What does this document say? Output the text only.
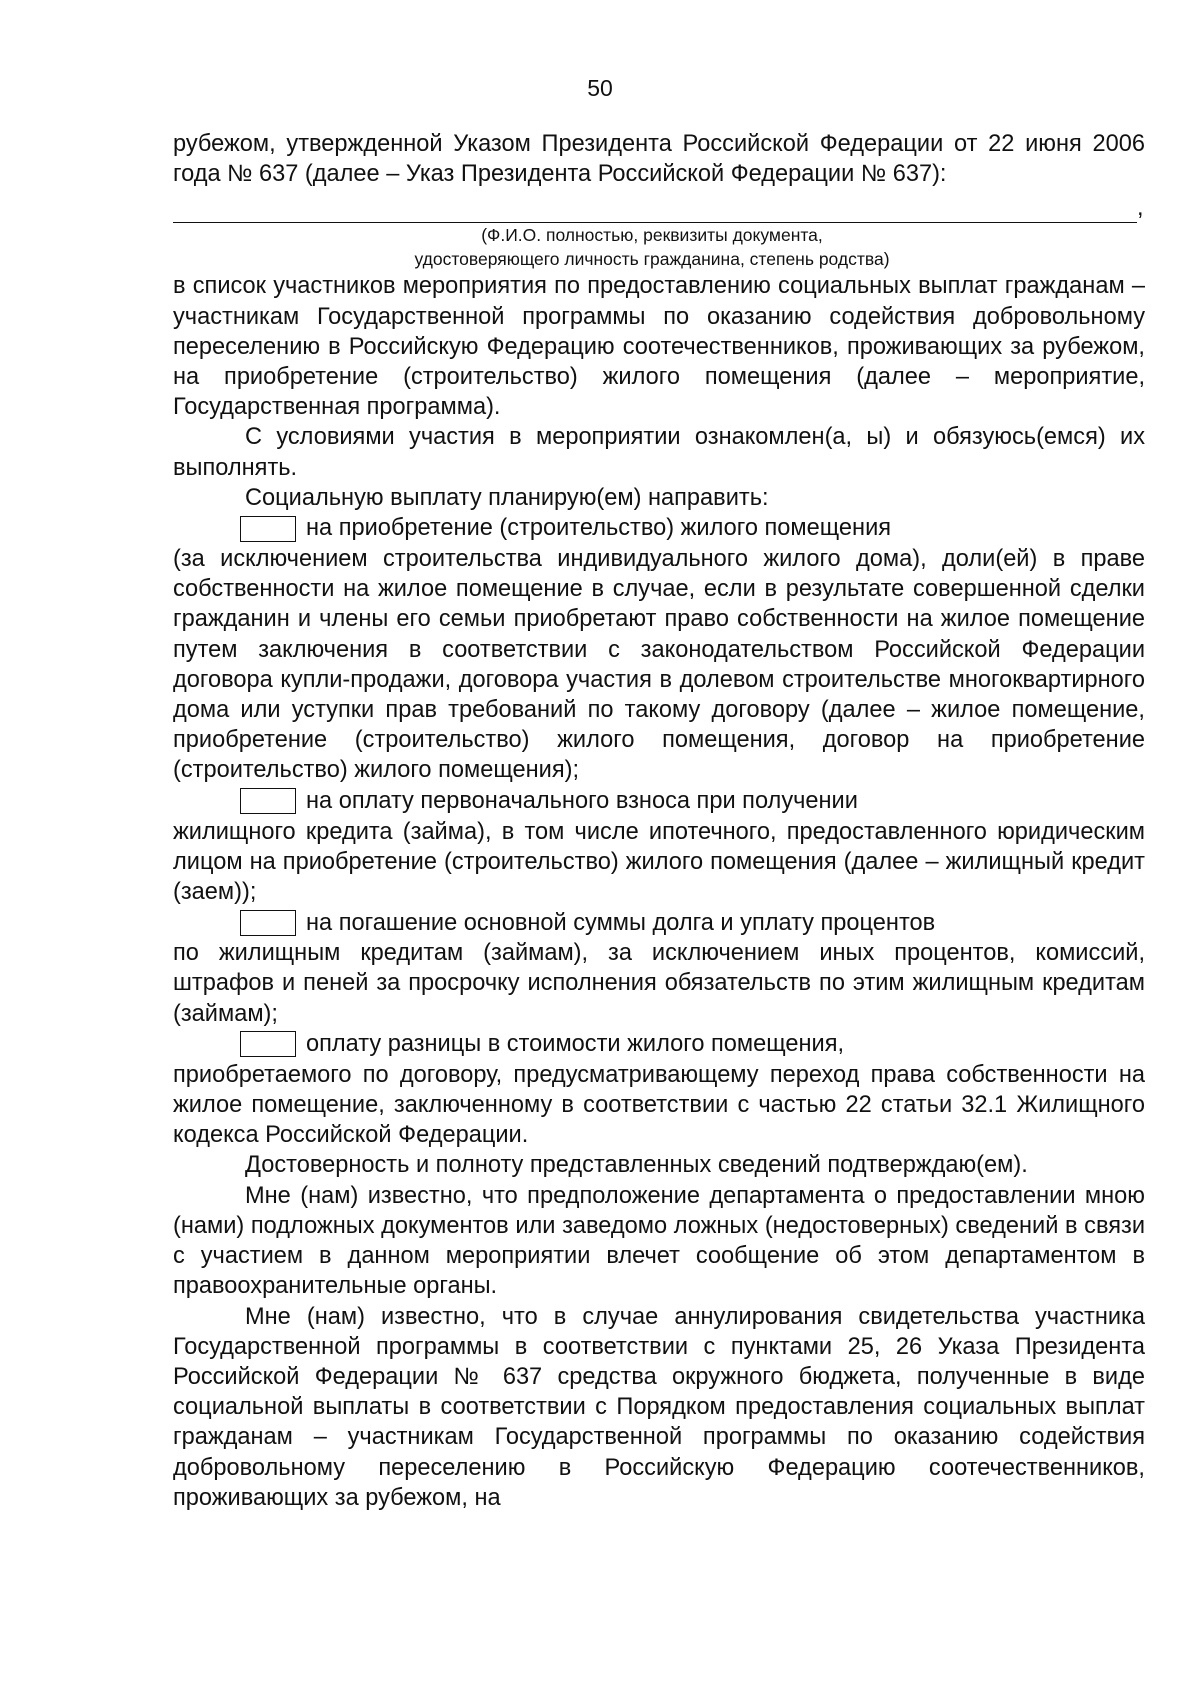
50

рубежом, утвержденной Указом Президента Российской Федерации от 22 июня 2006 года № 637 (далее – Указ Президента Российской Федерации № 637):

,
(Ф.И.О. полностью, реквизиты документа,
удостоверяющего личность гражданина, степень родства)

в список участников мероприятия по предоставлению социальных выплат гражданам – участникам Государственной программы по оказанию содействия добровольному переселению в Российскую Федерацию соотечественников, проживающих за рубежом, на приобретение (строительство) жилого помещения (далее – мероприятие, Государственная программа).

С условиями участия в мероприятии ознакомлен(а, ы) и обязуюсь(емся) их выполнять.

Социальную выплату планирую(ем) направить:

на приобретение (строительство) жилого помещения

(за исключением строительства индивидуального жилого дома), доли(ей) в праве собственности на жилое помещение в случае, если в результате совершенной сделки гражданин и члены его семьи приобретают право собственности на жилое помещение путем заключения в соответствии с законодательством Российской Федерации договора купли-продажи, договора участия в долевом строительстве многоквартирного дома или уступки прав требований по такому договору (далее – жилое помещение, приобретение (строительство) жилого помещения, договор на приобретение (строительство) жилого помещения);

на оплату первоначального взноса при получении

жилищного кредита (займа), в том числе ипотечного, предоставленного юридическим лицом на приобретение (строительство) жилого помещения (далее – жилищный кредит (заем));

на погашение основной суммы долга и уплату процентов

по жилищным кредитам (займам), за исключением иных процентов, комиссий, штрафов и пеней за просрочку исполнения обязательств по этим жилищным кредитам (займам);

оплату разницы в стоимости жилого помещения,

приобретаемого по договору, предусматривающему переход права собственности на жилое помещение, заключенному в соответствии с частью 22 статьи 32.1 Жилищного кодекса Российской Федерации.

Достоверность и полноту представленных сведений подтверждаю(ем).

Мне (нам) известно, что предположение департамента о предоставлении мною (нами) подложных документов или заведомо ложных (недостоверных) сведений в связи с участием в данном мероприятии влечет сообщение об этом департаментом в правоохранительные органы.

Мне (нам) известно, что в случае аннулирования свидетельства участника Государственной программы в соответствии с пунктами 25, 26 Указа Президента Российской Федерации № 637 средства окружного бюджета, полученные в виде социальной выплаты в соответствии с Порядком предоставления социальных выплат гражданам – участникам Государственной программы по оказанию содействия добровольному переселению в Российскую Федерацию соотечественников, проживающих за рубежом, на
